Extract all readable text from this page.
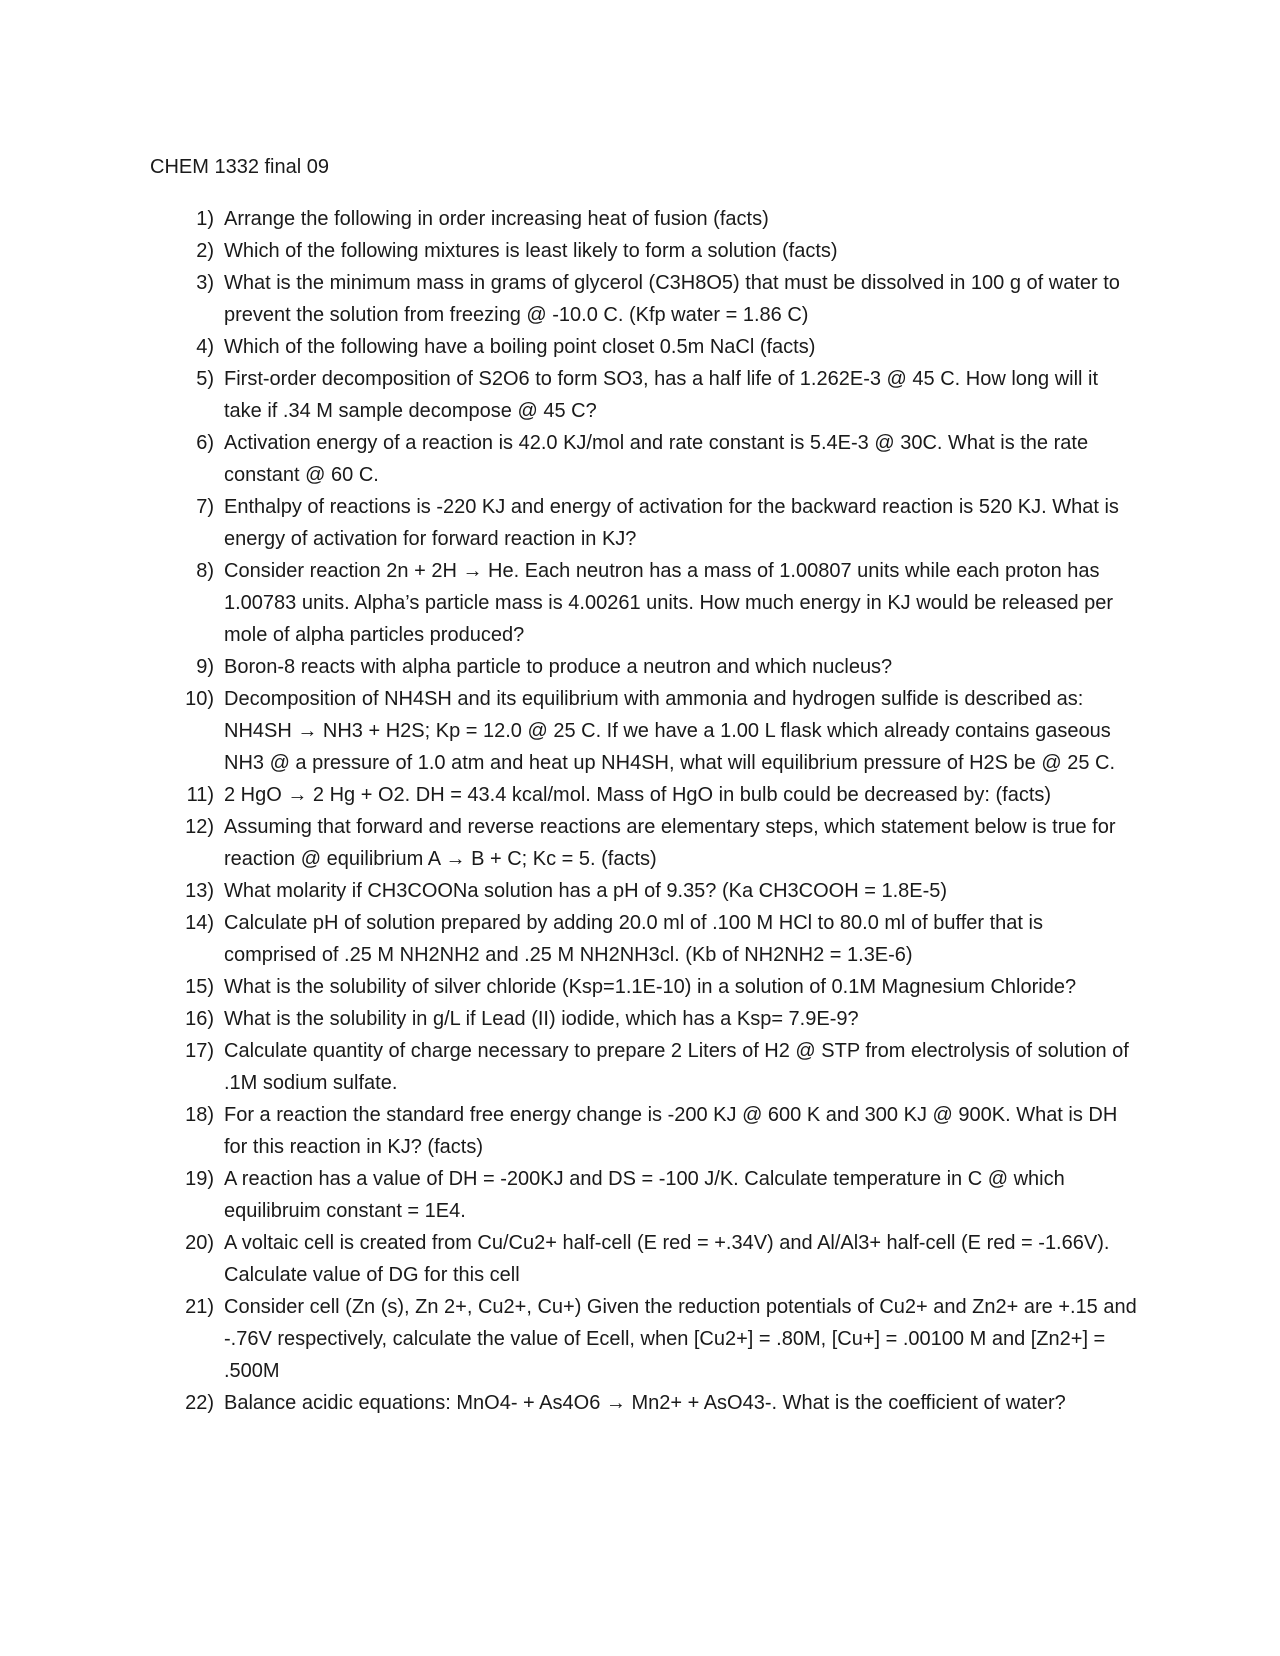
CHEM 1332 final 09
1) Arrange the following in order increasing heat of fusion (facts)
2) Which of the following mixtures is least likely to form a solution (facts)
3) What is the minimum mass in grams of glycerol (C3H8O5) that must be dissolved in 100 g of water to prevent the solution from freezing @ -10.0 C. (Kfp water = 1.86 C)
4) Which of the following have a boiling point closet 0.5m NaCl (facts)
5) First-order decomposition of S2O6 to form SO3, has a half life of 1.262E-3 @ 45 C. How long will it take if .34 M sample decompose @ 45 C?
6) Activation energy of a reaction is 42.0 KJ/mol and rate constant is 5.4E-3 @ 30C. What is the rate constant @ 60 C.
7) Enthalpy of reactions is -220 KJ and energy of activation for the backward reaction is 520 KJ. What is energy of activation for forward reaction in KJ?
8) Consider reaction 2n + 2H → He. Each neutron has a mass of 1.00807 units while each proton has 1.00783 units. Alpha’s particle mass is 4.00261 units. How much energy in KJ would be released per mole of alpha particles produced?
9) Boron-8 reacts with alpha particle to produce a neutron and which nucleus?
10) Decomposition of NH4SH and its equilibrium with ammonia and hydrogen sulfide is described as: NH4SH → NH3 + H2S; Kp = 12.0 @ 25 C. If we have a 1.00 L flask which already contains gaseous NH3 @ a pressure of 1.0 atm and heat up NH4SH, what will equilibrium pressure of H2S be @ 25 C.
11) 2 HgO → 2 Hg + O2. DH = 43.4 kcal/mol. Mass of HgO in bulb could be decreased by: (facts)
12) Assuming that forward and reverse reactions are elementary steps, which statement below is true for reaction @ equilibrium A → B + C; Kc = 5. (facts)
13) What molarity if CH3COONa solution has a pH of 9.35? (Ka CH3COOH = 1.8E-5)
14) Calculate pH of solution prepared by adding 20.0 ml of .100 M HCl to 80.0 ml of buffer that is comprised of .25 M NH2NH2 and .25 M NH2NH3cl. (Kb of NH2NH2 = 1.3E-6)
15) What is the solubility of silver chloride (Ksp=1.1E-10) in a solution of 0.1M Magnesium Chloride?
16) What is the solubility in g/L if Lead (II) iodide, which has a Ksp= 7.9E-9?
17) Calculate quantity of charge necessary to prepare 2 Liters of H2 @ STP from electrolysis of solution of .1M sodium sulfate.
18) For a reaction the standard free energy change is -200 KJ @ 600 K and 300 KJ @ 900K. What is DH for this reaction in KJ? (facts)
19) A reaction has a value of DH = -200KJ and DS = -100 J/K. Calculate temperature in C @ which equilibruim constant = 1E4.
20) A voltaic cell is created from Cu/Cu2+ half-cell (E red = +.34V) and Al/Al3+ half-cell (E red = -1.66V). Calculate value of DG for this cell
21) Consider cell (Zn (s), Zn 2+, Cu2+, Cu+) Given the reduction potentials of Cu2+ and Zn2+ are +.15 and -.76V respectively, calculate the value of Ecell, when [Cu2+] = .80M, [Cu+] = .00100 M and [Zn2+] = .500M
22) Balance acidic equations: MnO4- + As4O6 → Mn2+ + AsO43-. What is the coefficient of water?
